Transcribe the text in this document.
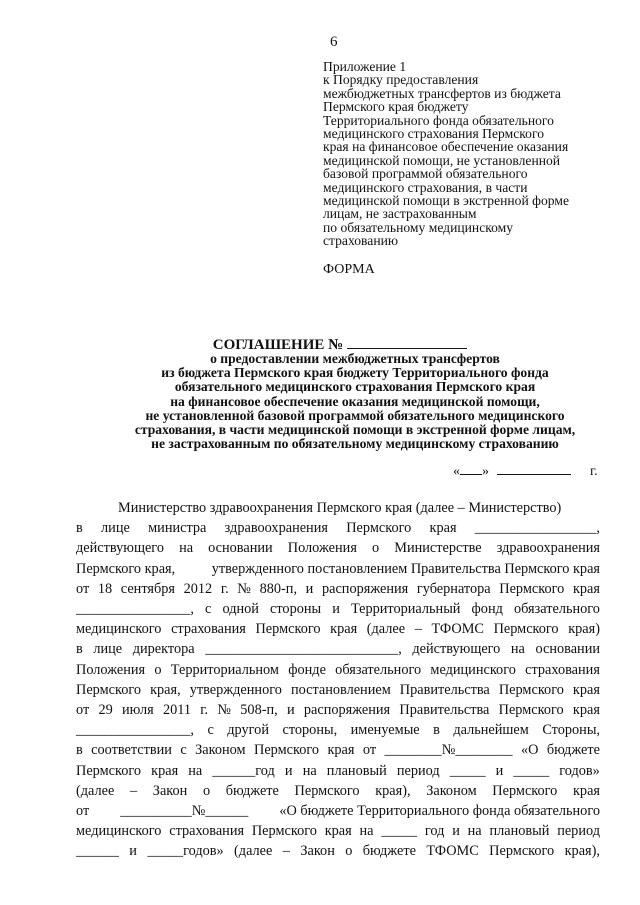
6
Приложение 1
к Порядку предоставления
межбюджетных трансфертов из бюджета
Пермского края бюджету
Территориального фонда обязательного
медицинского страхования Пермского
края на финансовое обеспечение оказания
медицинской помощи, не установленной
базовой программой обязательного
медицинского страхования, в части
медицинской помощи в экстренной форме
лицам, не застрахованным
по обязательному медицинскому
страхованию
ФОРМА
СОГЛАШЕНИЕ №
о предоставлении межбюджетных трансфертов
из бюджета Пермского края бюджету Территориального фонда
обязательного медицинского страхования Пермского края
на финансовое обеспечение оказания медицинской помощи,
не установленной базовой программой обязательного медицинского
страхования, в части медицинской помощи в экстренной форме лицам,
не застрахованным по обязательному медицинскому страхованию
« »	г.
Министерство здравоохранения Пермского края (далее – Министерство)
в лице министра здравоохранения Пермского края _________________,
действующего на основании Положения о Министерстве здравоохранения
Пермского края,	утвержденного постановлением Правительства Пермского края
от 18 сентября 2012 г. № 880-п, и распоряжения губернатора Пермского края
________________, с одной стороны и Территориальный фонд обязательного
медицинского страхования Пермского края (далее – ТФОМС Пермского края)
в лице директора ___________________________, действующего на основании
Положения о Территориальном фонде обязательного медицинского страхования
Пермского края, утвержденного постановлением Правительства Пермского края
от 29 июля 2011 г. № 508-п, и распоряжения Правительства Пермского края
________________, с другой стороны, именуемые в дальнейшем Стороны,
в соответствии с Законом Пермского края от ________№________ «О бюджете
Пермского края на ______год и на плановый период _____ и _____ годов»
(далее – Закон о бюджете Пермского края), Законом Пермского края
от __________№______ «О бюджете Территориального фонда обязательного
медицинского страхования Пермского края на _____ год и на плановый период
______ и _____годов» (далее – Закон о бюджете ТФОМС Пермского края),
